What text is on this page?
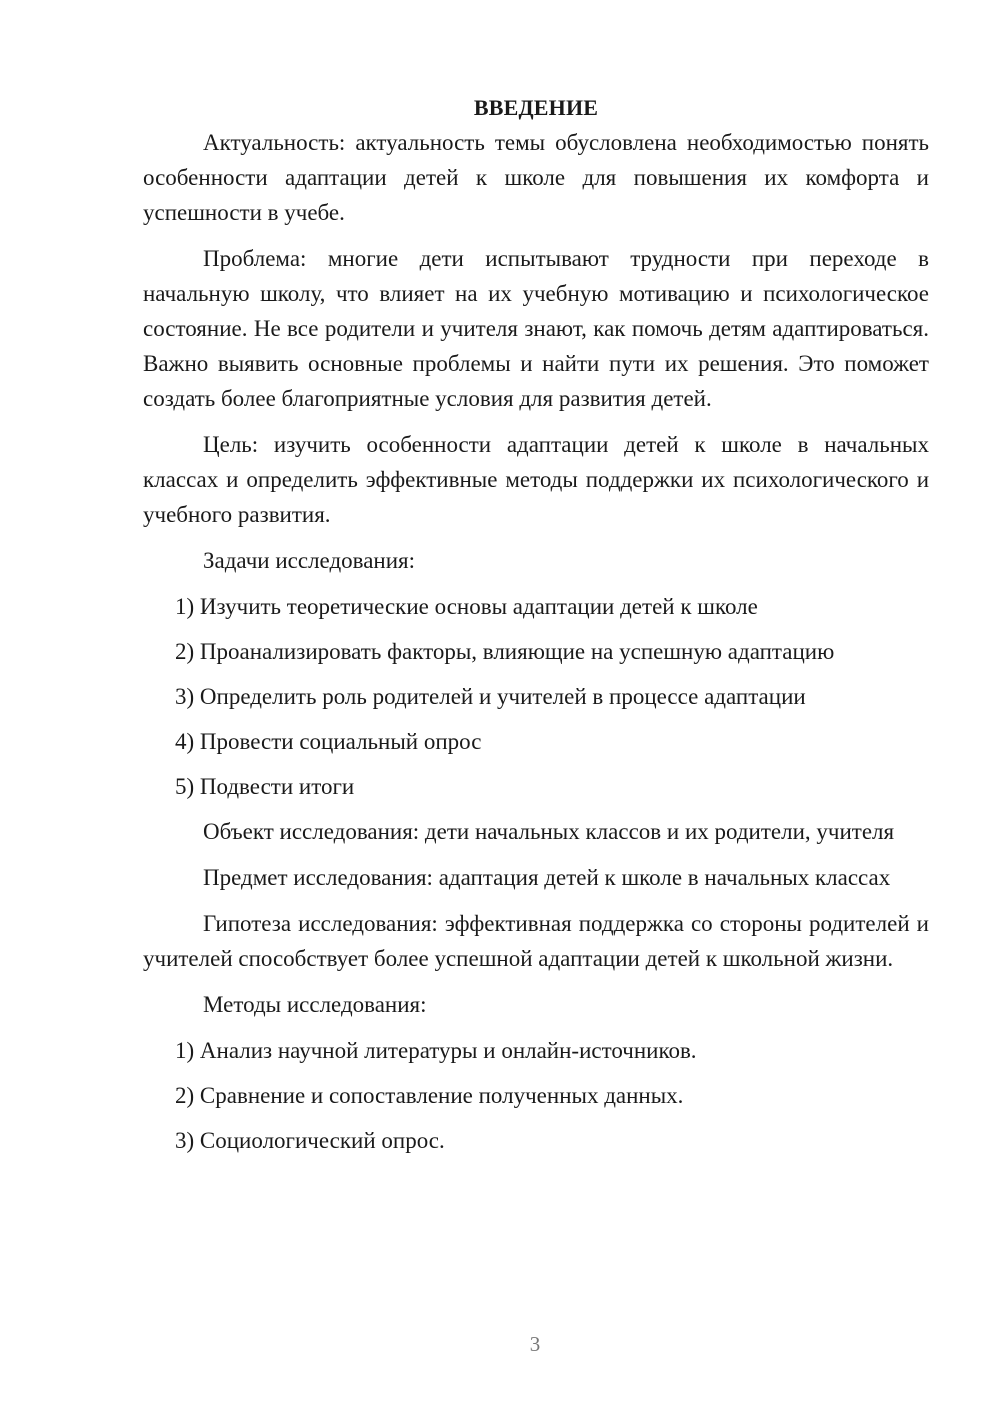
ВВЕДЕНИЕ

Актуальность: актуальность темы обусловлена необходимостью понять особенности адаптации детей к школе для повышения их комфорта и успешности в учебе.

Проблема: многие дети испытывают трудности при переходе в начальную школу, что влияет на их учебную мотивацию и психологическое состояние. Не все родители и учителя знают, как помочь детям адаптироваться. Важно выявить основные проблемы и найти пути их решения. Это поможет создать более благоприятные условия для развития детей.

Цель: изучить особенности адаптации детей к школе в начальных классах и определить эффективные методы поддержки их психологического и учебного развития.

Задачи исследования:

1) Изучить теоретические основы адаптации детей к школе
2) Проанализировать факторы, влияющие на успешную адаптацию
3) Определить роль родителей и учителей в процессе адаптации
4) Провести социальный опрос
5) Подвести итоги

Объект исследования: дети начальных классов и их родители, учителя

Предмет исследования: адаптация детей к школе в начальных классах

Гипотеза исследования: эффективная поддержка со стороны родителей и учителей способствует более успешной адаптации детей к школьной жизни.

Методы исследования:

1) Анализ научной литературы и онлайн-источников.
2) Сравнение и сопоставление полученных данных.
3) Социологический опрос.
3
